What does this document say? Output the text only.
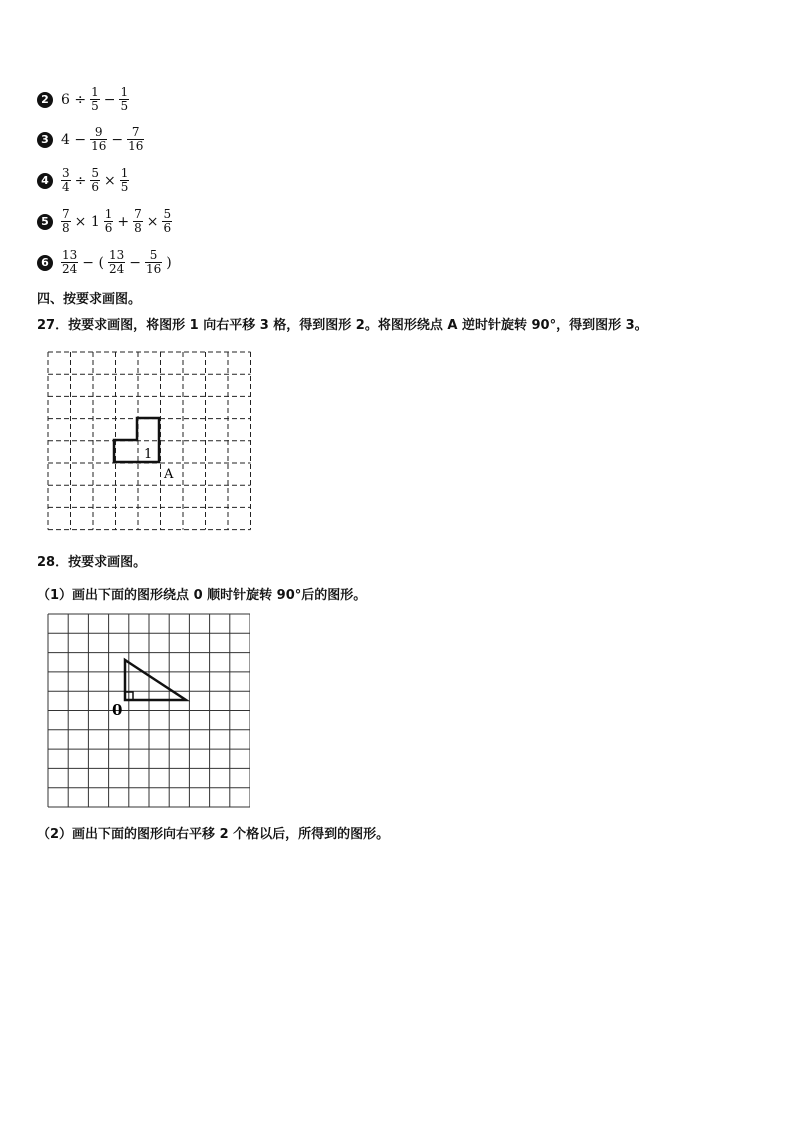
2 $6 \div \frac{1}{5} - \frac{1}{5}$
3 $4 - \frac{9}{16} - \frac{7}{16}$
4	$\frac{3}{4} \div \frac{5}{6} \times \frac{1}{5}$
5	$\frac{7}{8} \times 1 \frac{1}{6} + \frac{7}{8} \times \frac{5}{6}$
6	$\frac{13}{24}$ − ( $\frac{13}{24} - \frac{5}{16}$ )
四、按要求画图。
27．按要求画图，将图形 1 向右平移 3 格，得到图形 2。将图形绕点 A 逆时针旋转 90°，得到图形 3。
1
A
28．按要求画图。
（1）画出下面的图形绕点 0 顺时针旋转 90°后的图形。
0
（2）画出下面的图形向右平移 2 个格以后，所得到的图形。
